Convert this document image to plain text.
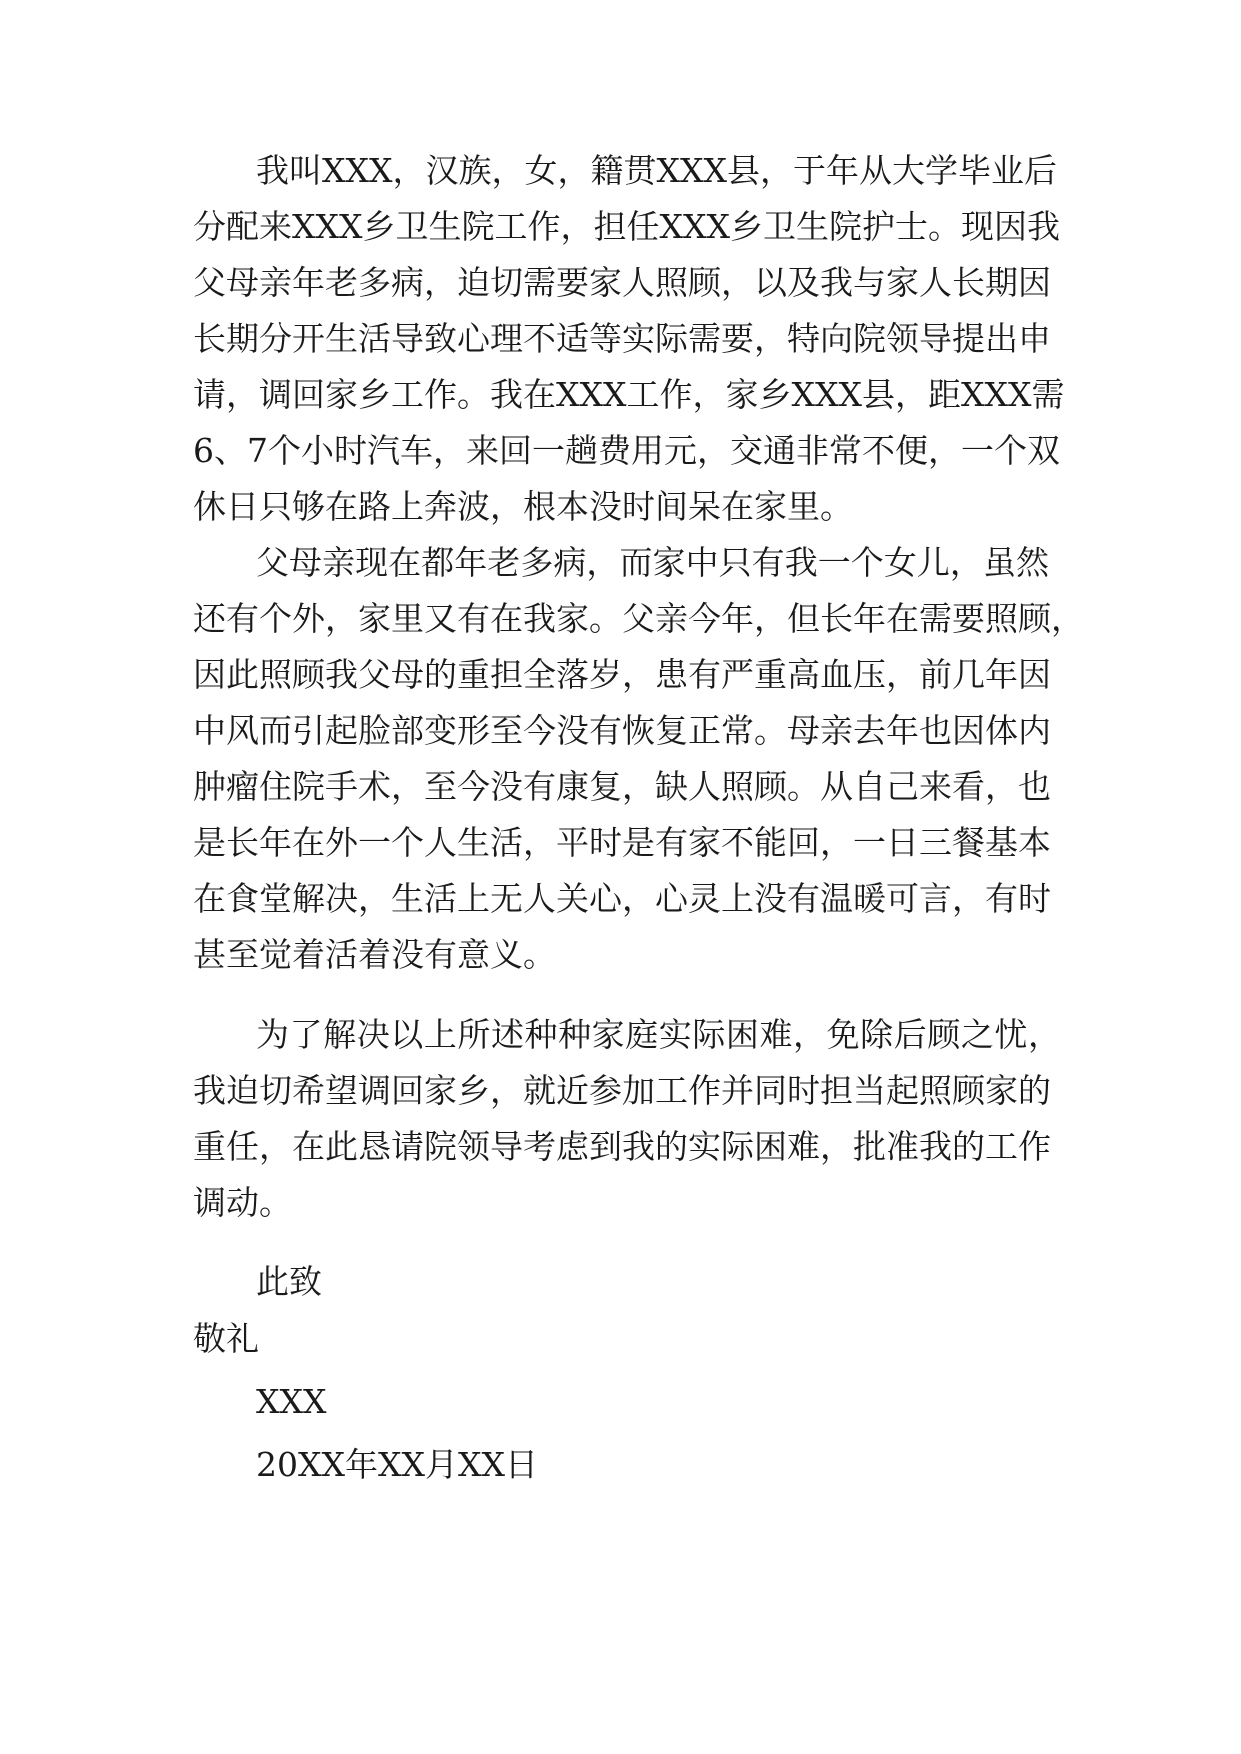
我叫XXX，汉族，女，籍贯XXX县，于年从大学毕业后
分配来XXX乡卫生院工作，担任XXX乡卫生院护士。现因我
父母亲年老多病，迫切需要家人照顾，以及我与家人长期因
长期分开生活导致心理不适等实际需要，特向院领导提出申
请，调回家乡工作。我在XXX工作，家乡XXX县，距XXX需
6、7个小时汽车，来回一趟费用元，交通非常不便，一个双
休日只够在路上奔波，根本没时间呆在家里。
父母亲现在都年老多病，而家中只有我一个女儿，虽然
还有个外，家里又有在我家。父亲今年，但长年在需要照顾，
因此照顾我父母的重担全落岁，患有严重高血压，前几年因
中风而引起脸部变形至今没有恢复正常。母亲去年也因体内
肿瘤住院手术，至今没有康复，缺人照顾。从自己来看，也
是长年在外一个人生活，平时是有家不能回，一日三餐基本
在食堂解决，生活上无人关心，心灵上没有温暖可言，有时
甚至觉着活着没有意义。
为了解决以上所述种种家庭实际困难，免除后顾之忧，
我迫切希望调回家乡，就近参加工作并同时担当起照顾家的
重任，在此恳请院领导考虑到我的实际困难，批准我的工作
调动。
此致
敬礼
XXX
20XX年XX月XX日
